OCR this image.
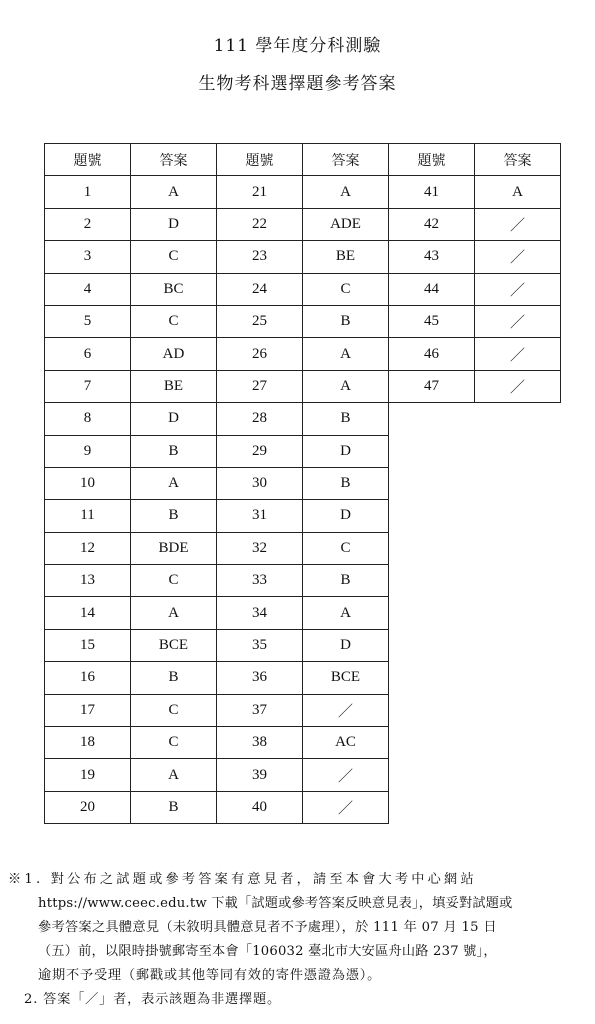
111 學年度分科測驗
生物考科選擇題參考答案
題號	答案	題號	答案	題號	答案
1	A	21	A	41	A
2	D	22	ADE	42	／
3	C	23	BE	43	／
4	BC	24	C	44	／
5	C	25	B	45	／
6	AD	26	A	46	／
7	BE	27	A	47	／
8	D	28	B		
9	B	29	D		
10	A	30	B		
11	B	31	D		
12	BDE	32	C		
13	C	33	B		
14	A	34	A		
15	BCE	35	D		
16	B	36	BCE		
17	C	37	／		
18	C	38	AC		
19	A	39	／		
20	B	40	／		
※1. 對公布之試題或參考答案有意見者，請至本會大考中心網站
https://www.ceec.edu.tw 下載「試題或參考答案反映意見表」，填妥對試題或
參考答案之具體意見（未敘明具體意見者不予處理），於 111 年 07 月 15 日
（五）前，以限時掛號郵寄至本會「106032 臺北市大安區舟山路 237 號」，
逾期不予受理（郵戳或其他等同有效的寄件憑證為憑）。
2. 答案「／」者，表示該題為非選擇題。
